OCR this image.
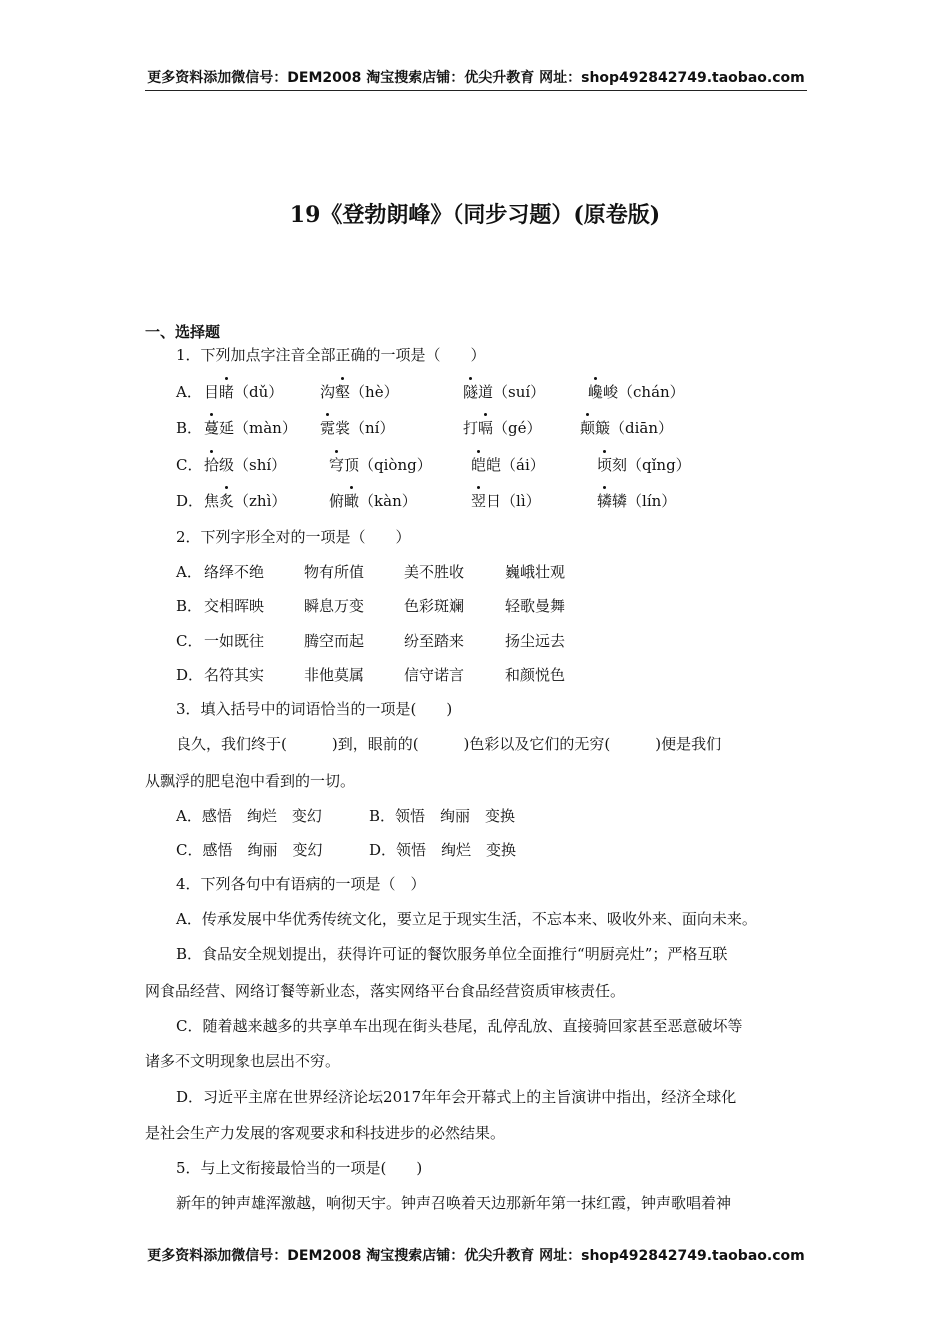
更多资料添加微信号：DEM2008 淘宝搜索店铺：优尖升教育 网址：shop492842749.taobao.com
19《登勃朗峰》（同步习题）(原卷版)
一、选择题
1．下列加点字注音全部正确的一项是（　　）
A． 目睹（dǔ） 沟壑（hè）	隧道（suí）	巉峻（chán）
B． 蔓延（màn） 霓裳（ní）	打嗝（gé）	颠簸（diān）
C． 拾级（shí）	穹顶（qiòng）	皑皑（ái）	顷刻（qǐng）
D． 焦炙（zhì）	俯瞰（kàn）	翌日（lì）	辚辚（lín）
2．下列字形全对的一项是（　　）
A． 络绎不绝	物有所值	美不胜收	巍峨壮观
B． 交相晖映	瞬息万变	色彩斑斓	轻歌曼舞
C． 一如既往	腾空而起	纷至踏来	扬尘远去
D． 名符其实	非他莫属	信守诺言	和颜悦色
3．填入括号中的词语恰当的一项是(　　)
良久，我们终于(　　　)到，眼前的(　　　)色彩以及它们的无穷(　　　)便是我们
从飘浮的肥皂泡中看到的一切。
A．感悟　绚烂　变幻	B．领悟　绚丽　变换
C．感悟　绚丽　变幻	D．领悟　绚烂　变换
4．下列各句中有语病的一项是（　）
A．传承发展中华优秀传统文化，要立足于现实生活，不忘本来、吸收外来、面向未来。
B．食品安全规划提出，获得许可证的餐饮服务单位全面推行“明厨亮灶”；严格互联
网食品经营、网络订餐等新业态，落实网络平台食品经营资质审核责任。
C．随着越来越多的共享单车出现在街头巷尾，乱停乱放、直接骑回家甚至恶意破坏等
诸多不文明现象也层出不穷。
D．习近平主席在世界经济论坛2017年年会开幕式上的主旨演讲中指出，经济全球化
是社会生产力发展的客观要求和科技进步的必然结果。
5．与上文衔接最恰当的一项是(　　)
新年的钟声雄浑激越，响彻天宇。钟声召唤着天边那新年第一抹红霞，钟声歌唱着神
更多资料添加微信号：DEM2008 淘宝搜索店铺：优尖升教育 网址：shop492842749.taobao.com
